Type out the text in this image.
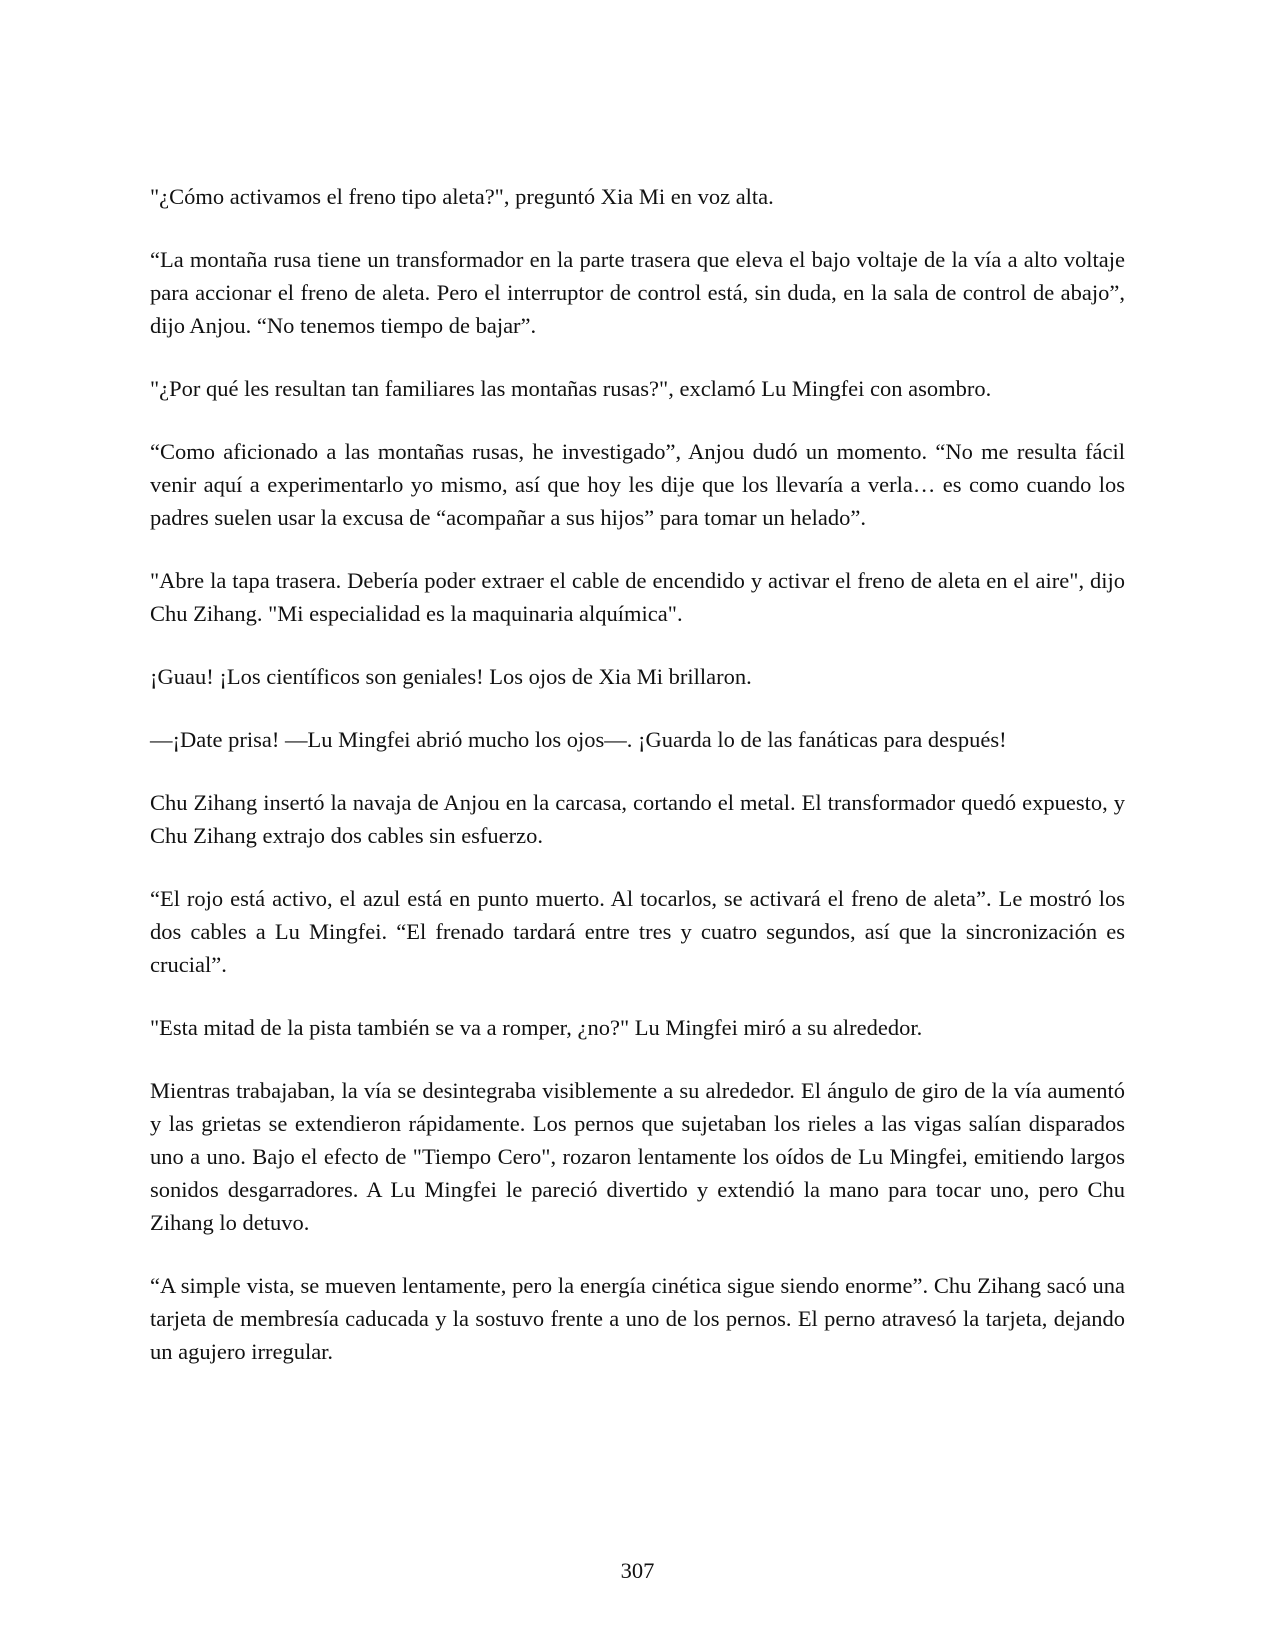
"¿Cómo activamos el freno tipo aleta?", preguntó Xia Mi en voz alta.

“La montaña rusa tiene un transformador en la parte trasera que eleva el bajo voltaje de la vía a alto voltaje para accionar el freno de aleta. Pero el interruptor de control está, sin duda, en la sala de control de abajo”, dijo Anjou. “No tenemos tiempo de bajar”.

"¿Por qué les resultan tan familiares las montañas rusas?", exclamó Lu Mingfei con asombro.

“Como aficionado a las montañas rusas, he investigado”, Anjou dudó un momento. “No me resulta fácil venir aquí a experimentarlo yo mismo, así que hoy les dije que los llevaría a verla… es como cuando los padres suelen usar la excusa de “acompañar a sus hijos” para tomar un helado”.

"Abre la tapa trasera. Debería poder extraer el cable de encendido y activar el freno de aleta en el aire", dijo Chu Zihang. "Mi especialidad es la maquinaria alquímica".

¡Guau! ¡Los científicos son geniales! Los ojos de Xia Mi brillaron.

—¡Date prisa! —Lu Mingfei abrió mucho los ojos—. ¡Guarda lo de las fanáticas para después!

Chu Zihang insertó la navaja de Anjou en la carcasa, cortando el metal. El transformador quedó expuesto, y Chu Zihang extrajo dos cables sin esfuerzo.

“El rojo está activo, el azul está en punto muerto. Al tocarlos, se activará el freno de aleta”. Le mostró los dos cables a Lu Mingfei. “El frenado tardará entre tres y cuatro segundos, así que la sincronización es crucial”.

"Esta mitad de la pista también se va a romper, ¿no?" Lu Mingfei miró a su alrededor.

Mientras trabajaban, la vía se desintegraba visiblemente a su alrededor. El ángulo de giro de la vía aumentó y las grietas se extendieron rápidamente. Los pernos que sujetaban los rieles a las vigas salían disparados uno a uno. Bajo el efecto de "Tiempo Cero", rozaron lentamente los oídos de Lu Mingfei, emitiendo largos sonidos desgarradores. A Lu Mingfei le pareció divertido y extendió la mano para tocar uno, pero Chu Zihang lo detuvo.

“A simple vista, se mueven lentamente, pero la energía cinética sigue siendo enorme”. Chu Zihang sacó una tarjeta de membresía caducada y la sostuvo frente a uno de los pernos. El perno atravesó la tarjeta, dejando un agujero irregular.

307
